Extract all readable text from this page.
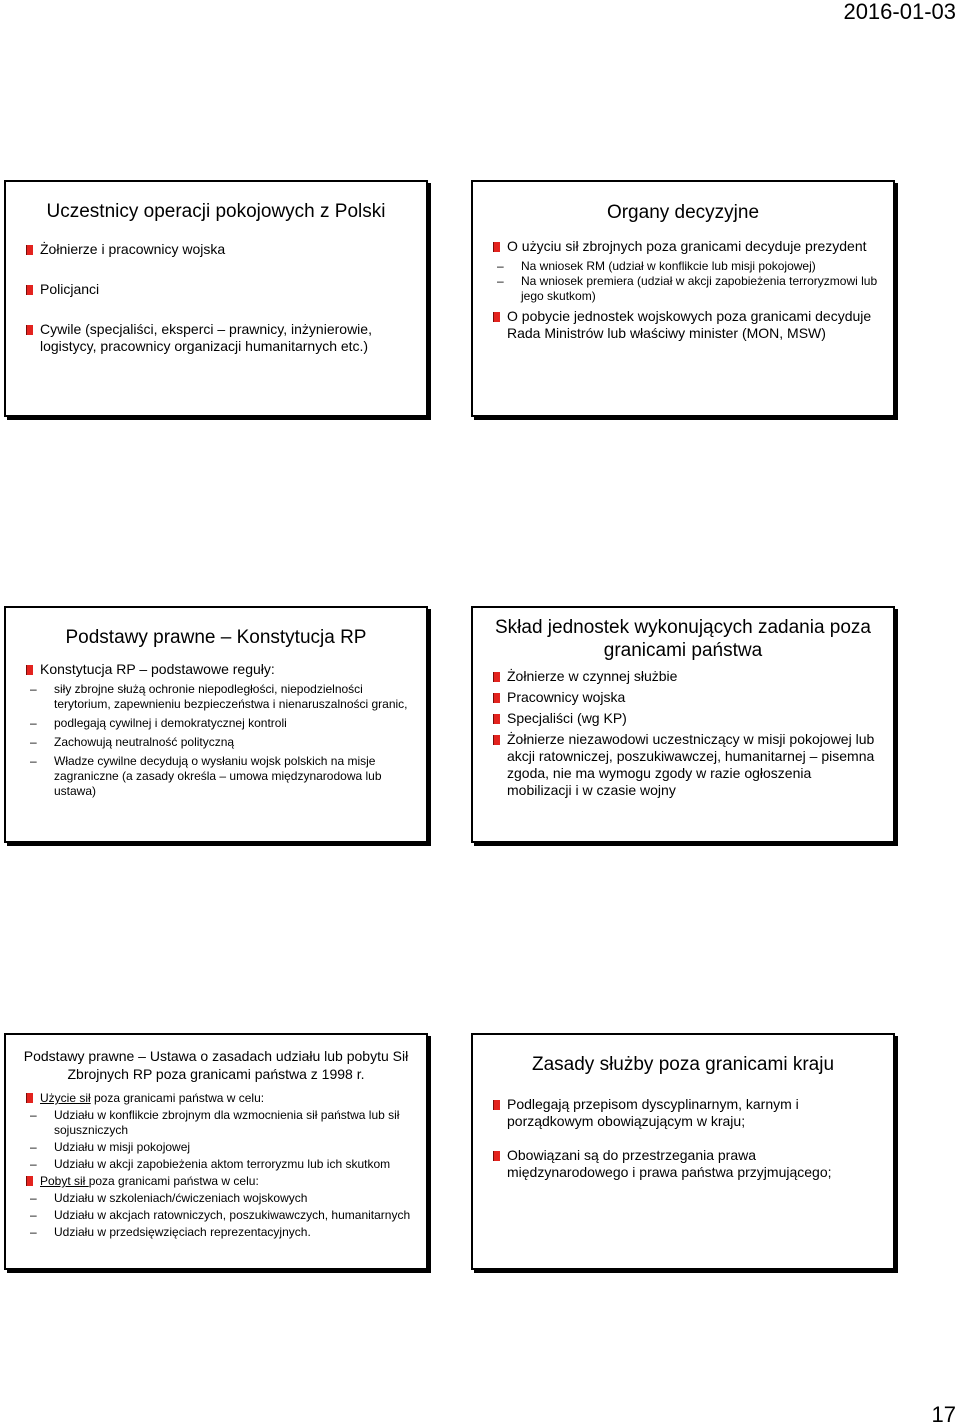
2016-01-03
Uczestnicy operacji pokojowych z Polski
Żołnierze i pracownicy wojska
Policjanci
Cywile (specjaliści, eksperci – prawnicy, inżynierowie, logistycy, pracownicy organizacji humanitarnych etc.)
Organy decyzyjne
O użyciu sił zbrojnych poza granicami decyduje prezydent
– Na wniosek RM (udział w konflikcie lub misji pokojowej)
– Na wniosek premiera (udział w akcji zapobieżenia terroryzmowi lub jego skutkom)
O pobycie jednostek wojskowych poza granicami decyduje Rada Ministrów lub właściwy minister (MON, MSW)
Podstawy prawne – Konstytucja RP
Konstytucja RP – podstawowe reguły:
– siły zbrojne służą ochronie niepodległości, niepodzielności terytorium, zapewnieniu bezpieczeństwa i nienaruszalności granic,
– podlegają cywilnej i demokratycznej kontroli
– Zachowują neutralność polityczną
– Władze cywilne decydują o wysłaniu wojsk polskich na misje zagraniczne (a zasady określa – umowa międzynarodowa lub ustawa)
Skład jednostek wykonujących zadania poza granicami państwa
Żołnierze w czynnej służbie
Pracownicy wojska
Specjaliści (wg KP)
Żołnierze niezawodowi uczestniczący w misji pokojowej lub akcji ratowniczej, poszukiwawczej, humanitarnej – pisemna zgoda, nie ma wymogu zgody w razie ogłoszenia mobilizacji i w czasie wojny
Podstawy prawne – Ustawa o zasadach udziału lub pobytu Sił Zbrojnych RP poza granicami państwa z 1998 r.
Użycie sił poza granicami państwa w celu:
– Udziału w konflikcie zbrojnym dla wzmocnienia sił państwa lub sił sojuszniczych
– Udziału w misji pokojowej
– Udziału w akcji zapobieżenia aktom terroryzmu lub ich skutkom
Pobyt sił poza granicami państwa w celu:
– Udziału w szkoleniach/ćwiczeniach wojskowych
– Udziału w akcjach ratowniczych, poszukiwawczych, humanitarnych
– Udziału w przedsięwzięciach reprezentacyjnych.
Zasady służby poza granicami kraju
Podlegają przepisom dyscyplinarnym, karnym i porządkowym obowiązującym w kraju;
Obowiązani są do przestrzegania prawa międzynarodowego i prawa państwa przyjmującego;
17
